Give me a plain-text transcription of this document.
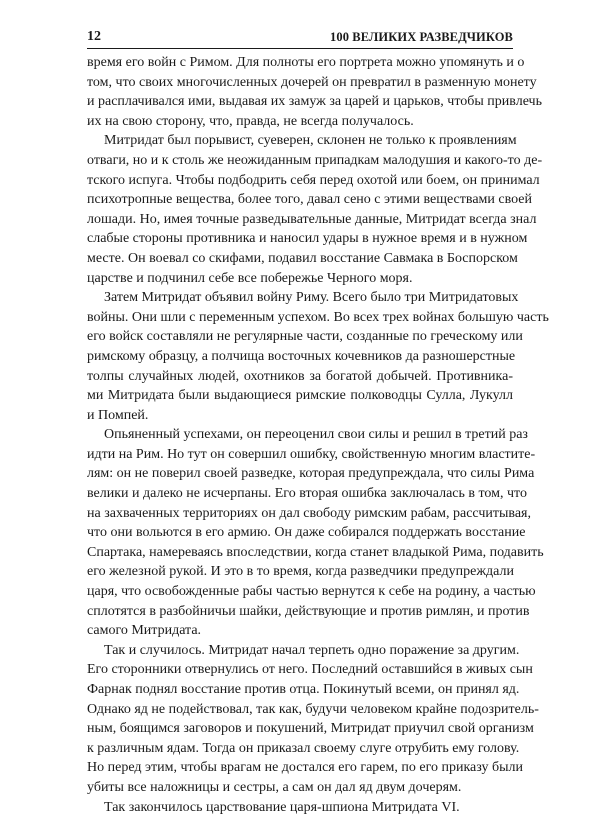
12	100 ВЕЛИКИХ РАЗВЕДЧИКОВ
время его войн с Римом. Для полноты его портрета можно упомянуть и о
том, что своих многочисленных дочерей он превратил в разменную монету
и расплачивался ими, выдавая их замуж за царей и царьков, чтобы привлечь
их на свою сторону, что, правда, не всегда получалось.
Митридат был порывист, суеверен, склонен не только к проявлениям
отваги, но и к столь же неожиданным припадкам малодушия и какого-то де-
тского испуга. Чтобы подбодрить себя перед охотой или боем, он принимал
психотропные вещества, более того, давал сено с этими веществами своей
лошади. Но, имея точные разведывательные данные, Митридат всегда знал
слабые стороны противника и наносил удары в нужное время и в нужном
месте. Он воевал со скифами, подавил восстание Савмака в Боспорском
царстве и подчинил себе все побережье Черного моря.
Затем Митридат объявил войну Риму. Всего было три Митридатовых
войны. Они шли с переменным успехом. Во всех трех войнах большую часть
его войск составляли не регулярные части, созданные по греческому или
римскому образцу, а полчища восточных кочевников да разношерстные
толпы случайных людей, охотников за богатой добычей. Противника-
ми Митридата были выдающиеся римские полководцы Сулла, Лукулл
и Помпей.
Опьяненный успехами, он переоценил свои силы и решил в третий раз
идти на Рим. Но тут он совершил ошибку, свойственную многим властите-
лям: он не поверил своей разведке, которая предупреждала, что силы Рима
велики и далеко не исчерпаны. Его вторая ошибка заключалась в том, что
на захваченных территориях он дал свободу римским рабам, рассчитывая,
что они вольются в его армию. Он даже собирался поддержать восстание
Спартака, намереваясь впоследствии, когда станет владыкой Рима, подавить
его железной рукой. И это в то время, когда разведчики предупреждали
царя, что освобожденные рабы частью вернутся к себе на родину, а частью
сплотятся в разбойничьи шайки, действующие и против римлян, и против
самого Митридата.
Так и случилось. Митридат начал терпеть одно поражение за другим.
Его сторонники отвернулись от него. Последний оставшийся в живых сын
Фарнак поднял восстание против отца. Покинутый всеми, он принял яд.
Однако яд не подействовал, так как, будучи человеком крайне подозритель-
ным, боящимся заговоров и покушений, Митридат приучил свой организм
к различным ядам. Тогда он приказал своему слуге отрубить ему голову.
Но перед этим, чтобы врагам не достался его гарем, по его приказу были
убиты все наложницы и сестры, а сам он дал яд двум дочерям.
Так закончилось царствование царя-шпиона Митридата VI.
